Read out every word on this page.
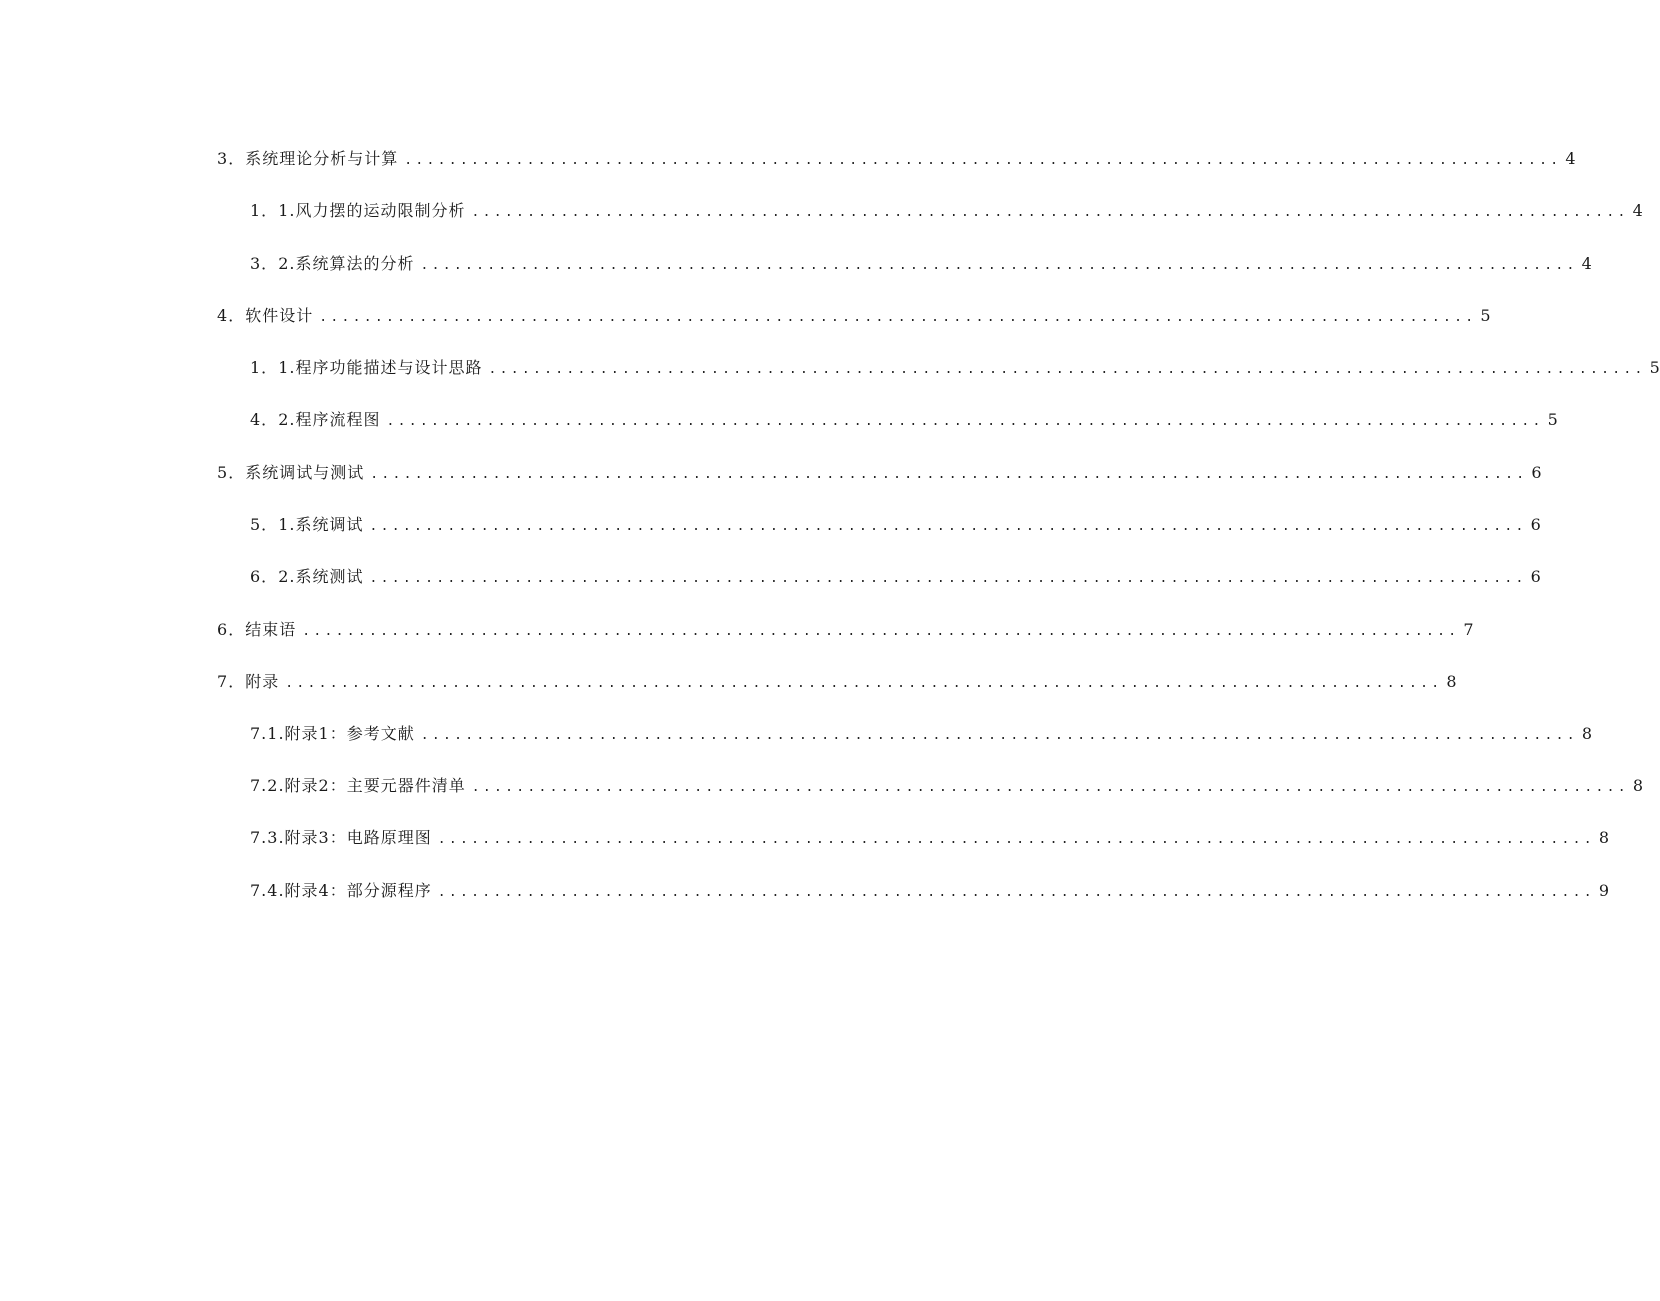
3 ．系统理论分析与计算 ........................................................................................................ 4
1． 1.风力摆的运动限制分析 ........................................................................................................ 4
3． 2.系统算法的分析 ........................................................................................................ 4
4 ．软件设计 ........................................................................................................ 5
1． 1.程序功能描述与设计思路 ........................................................................................................ 5
4． 2.程序流程图 ........................................................................................................ 5
5 ．系统调试与测试 ........................................................................................................ 6
5． 1.系统调试 ........................................................................................................ 6
6． 2.系统测试 ........................................................................................................ 6
6 ．结束语 ........................................................................................................ 7
7 ．附录 ........................................................................................................ 8
7.1. 附录1：参考文献 ........................................................................................................ 8
7.2. 附录2：主要元器件清单 ........................................................................................................ 8
7.3. 附录3：电路原理图 ........................................................................................................ 8
7.4. 附录4：部分源程序 ........................................................................................................ 9
